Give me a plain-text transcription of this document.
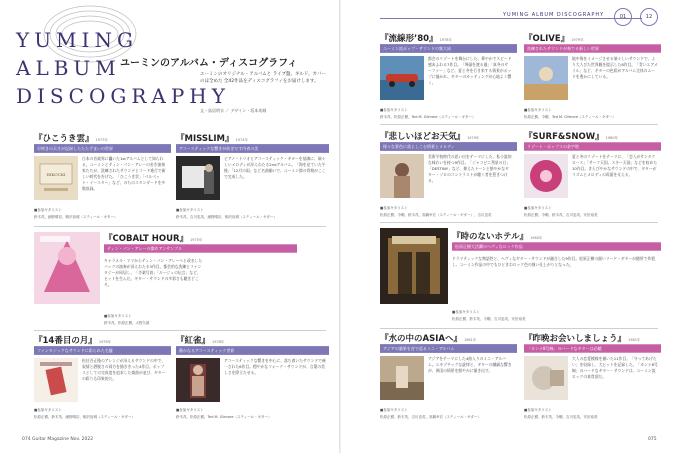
YUMING
ALBUM
DISCOGRAPHY
ユーミンのアルバム・ディスコグラフィ
ユーミンのオリジナル・アルバムと ライブ盤、ギルド。カバーのほ全めた 全42作品をディスコグラフィをお届けします。
文・鳥居明衣 ／ デザイン・坂本英城
『ひこうき雲』 1973年
早咲きの天才が記録したたたずまいの世界
HIKOUKI
日本の音楽界に轟いた1stアルバムとして知られる。ユーミンとティン・パン・アレーの若き演奏家たちが、洗練されたサウンドとコード進行で新しい時代を告げた。「ひこうき雲」「ベルベット・イースター」など、のちのスタンダードを多数収録。
■参加ギタリスト
鈴木茂、細野晴臣、駒沢裕城（スティール・ギター）
『MISSLIM』 1974年
アコースティックな響きが紡ぎだす内省の美
ピアノ・トリオとアコースティック・ギターを基調に、瑞々しいメロディが冴えわたる2ndアルバム。「海を見ていた午後」「12月の雨」など名曲揃いで、ユーミン節の骨格がここで完成した。
■参加ギタリスト
鈴木茂、吉川忠英、細野晴臣、駒沢裕城（スティール・ギター）
『COBALT HOUR』 1975年
ティン・パン・アレーの傑作アンサンブル
キャラメル・ママからティン・パン・アレーへと改名したバックの演奏が冴えわたる3作目。都会的な洗練とファンタジーが同居し、「卒業写真」「ルージュの伝言」など、ヒットを生んだ。ギター・サウンドの多彩さも聴きどころ。
■参加ギタリスト
鈴木茂、松原正樹、大野久雄
『14番目の月』 1976年
ファンタジックなサウンドに彩られた名盤
松任谷正隆のアレンジが冴えるサウンドの中で、叙情と洒脱さの両方を描ききった4作目。ポップスとしての完成度を追求した楽曲が並び、ギターの彩りも印象的だ。
■参加ギタリスト
松原正樹、鈴木茂、細野晴臣、駒沢裕城（スティール・ギター）
『紅雀』 1978年
静かなるアコースティック世界
アコースティックな響きを中心に、落ち着いたサウンドで統一された6作目。穏やかなフォーク・サウンドが、言葉の美しさを際立たせる。
■参加ギタリスト
鈴木茂、松原正樹、Ted M. Gilmore（スティール・ギター）
074 Guitar Magazine Nov. 2022
YUMING ALBUM DISCOGRAPHY	01	12
『流線形’80』 1978年
ユーミン流ポップ・サウンドの集大成
都会のリゾートを舞台にした、華やかでスピード感あふれる7作目。「埠頭を渡る風」「真冬のサーファー」など、夏と冬を行き来する情景がポップに描かれ、ギターのカッティングが心地よく響く。
■参加ギタリスト
鈴木茂、松原正樹、Ted M. Gilmore（スティール・ギター）
『OLIVE』 1979年
洗練されたサウンドが奏でる新しい世界
地中海をイメージさせる瑞々しいサウンドで、より大人びた世界観を提示した8作目。「青いエアメイル」など、ギターの色彩がアルバム全体のムードを豊かにしている。
■参加ギタリスト
松原正樹、今剛、Ted M. Gilmore（スティール・ギター）
『悲しいほどお天気』 1979年
様々な景色に落としこむ情景とメロディ
美術学校時代の思い出をテーマにした、私小説的な味わいを持つ9作目。「ジャコビニ彗星の日」「DESTINY」など、抑えたトーンと鮮やかなギター・ソロのコントラストが聴く者を惹きつける。
■参加ギタリスト
松原正樹、今剛、鈴木茂、高橋幸宏（スティール・ギター）、吉川忠英
『SURF&SNOW』 1980年
リゾート・ポップスの金字塔
夏と冬のリゾートをテーマに、「恋人がサンタクロース」「サーフ天国、スキー天国」などを収めた10作目。きらびやかなサウンドの中で、ギターがリズムとメロディの両面を支える。
■参加ギタリスト
松原正樹、今剛、鈴木茂、吉川忠英、安田裕美
『時のないホテル』 1980年
松原正樹大活躍のヘヴィなロック作品
ドラマティックな物語性と、ヘヴィなギター・サウンドが融合した9作目。松原正樹の鋭いリード・ギターが随所で炸裂し、ユーミン作品の中でもひときわロック色の強い仕上がりとなった。
■参加ギタリスト
松原正樹、鈴木茂、今剛、吉川忠英、安田裕美
『水の中のASIAへ』 1981年
アジアの風景を音で巡るミニ・アルバム
アジアをテーマにした4曲入りのミニ・アルバム。エキゾチックな旋律と、ギターの繊細な響きが、異国の情景を鮮やかに描き出す。
■参加ギタリスト
松原正樹、鈴木茂、吉川忠英、高橋幸宏（スティール・ギター）
『昨晩お会いしましょう』 1981年
「カンナ8号線」のハードなギターは必聴
大人の恋愛模様を描いた11作目。「守ってあげたい」を収録し、大ヒットを記録した。「カンナ8号線」のハードなギター・サウンドは、ユーミン流ロックの真骨頂だ。
■参加ギタリスト
松原正樹、鈴木茂、今剛、吉川忠英、安田裕美
075
